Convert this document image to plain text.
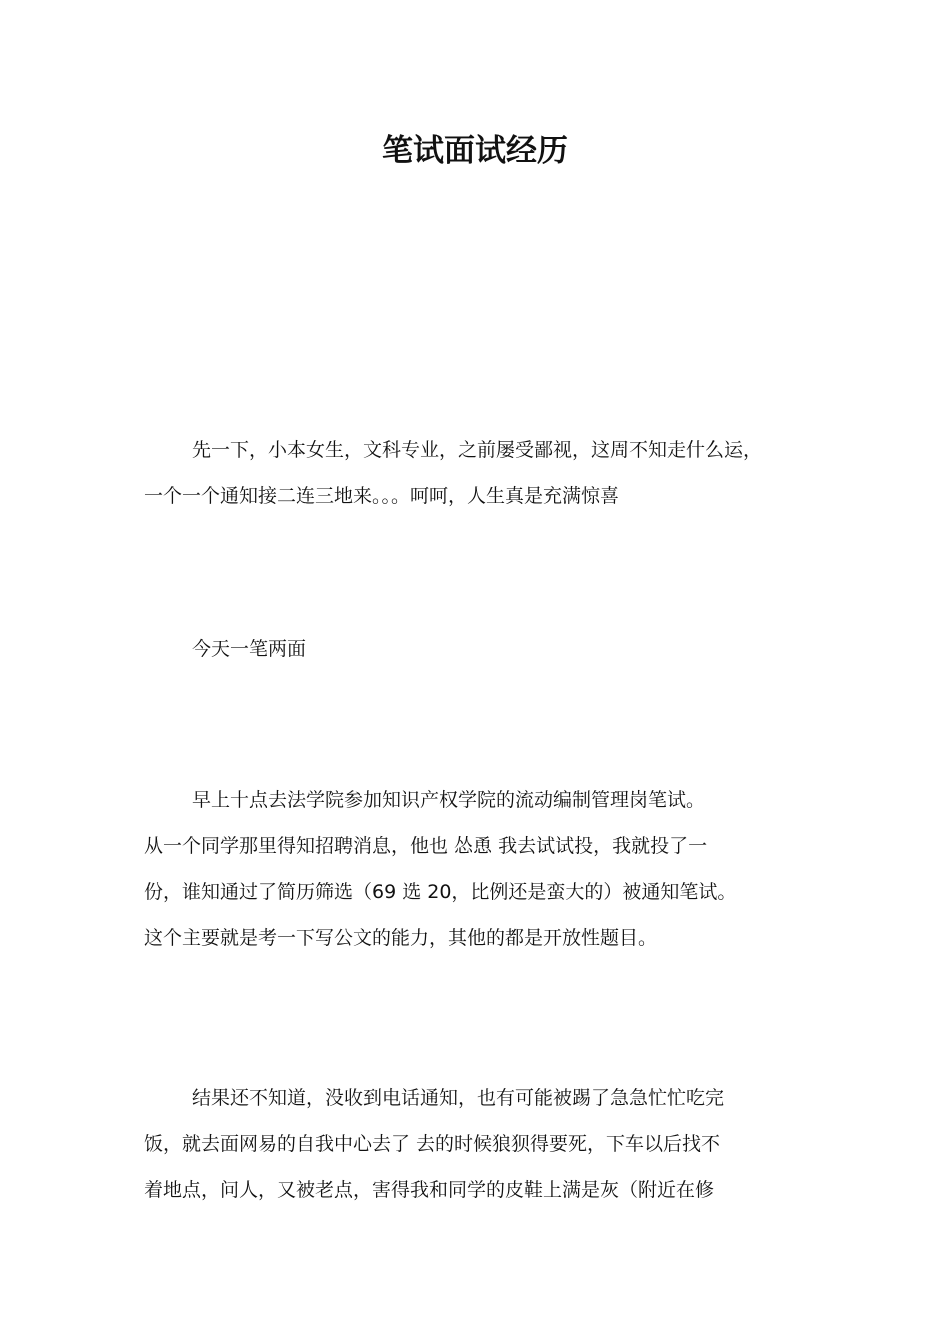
笔试面试经历

先一下，小本女生，文科专业，之前屡受鄙视，这周不知走什么运，
一个一个通知接二连三地来。。。呵呵，人生真是充满惊喜

今天一笔两面

早上十点去法学院参加知识产权学院的流动编制管理岗笔试。
从一个同学那里得知招聘消息，他也 怂恿 我去试试投，我就投了一
份，谁知通过了简历筛选（69 选 20，比例还是蛮大的）被通知笔试。
这个主要就是考一下写公文的能力，其他的都是开放性题目。

结果还不知道，没收到电话通知，也有可能被踢了急急忙忙吃完
饭，就去面网易的自我中心去了 去的时候狼狈得要死，下车以后找不
着地点，问人，又被老点，害得我和同学的皮鞋上满是灰（附近在修
